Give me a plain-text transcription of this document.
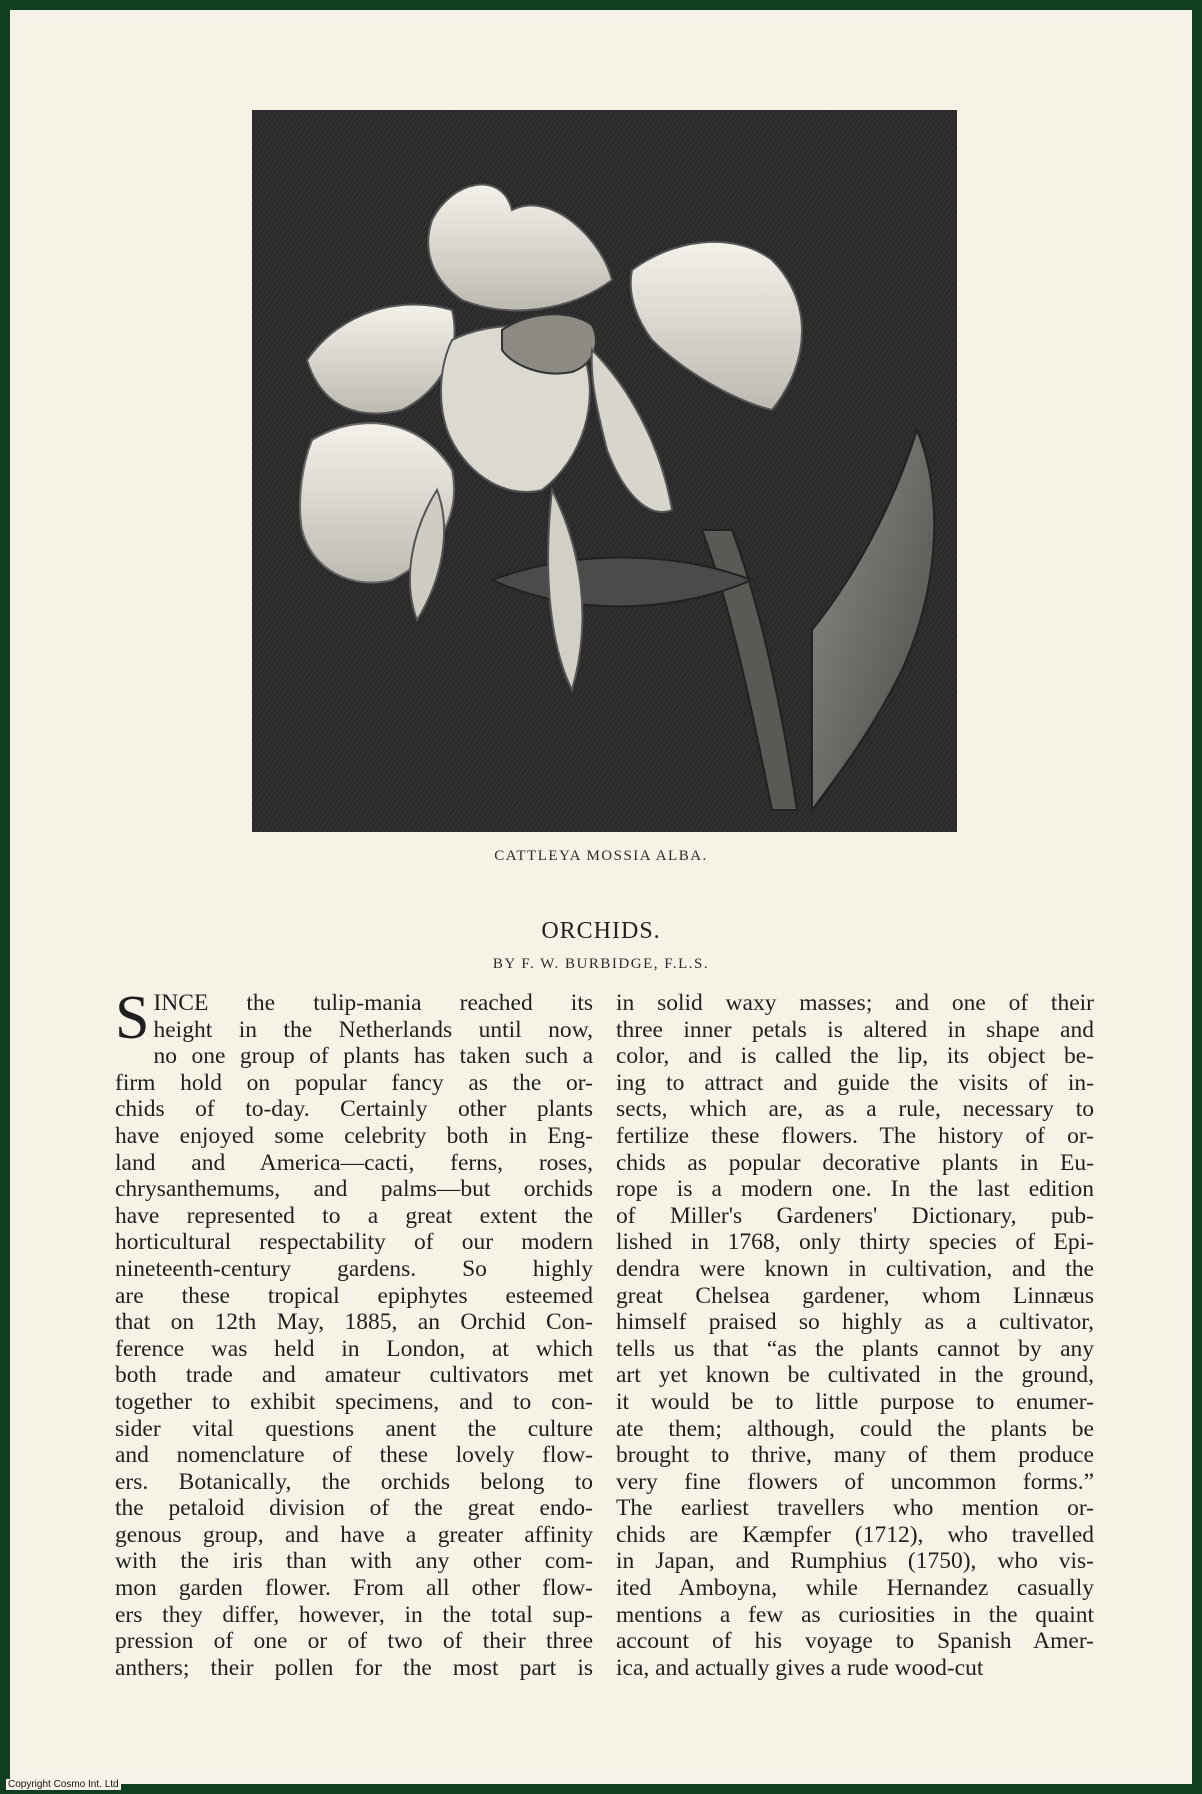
CATTLEYA MOSSIA ALBA.
ORCHIDS.
BY F. W. BURBIDGE, F.L.S.
S INCE the tulip-mania reached its
height in the Netherlands until now,
no one group of plants has taken such a
firm hold on popular fancy as the or-
chids of to-day. Certainly other plants
have enjoyed some celebrity both in Eng-
land and America—cacti, ferns, roses,
chrysanthemums, and palms—but orchids
have represented to a great extent the
horticultural respectability of our modern
nineteenth-century gardens. So highly
are these tropical epiphytes esteemed
that on 12th May, 1885, an Orchid Con-
ference was held in London, at which
both trade and amateur cultivators met
together to exhibit specimens, and to con-
sider vital questions anent the culture
and nomenclature of these lovely flow-
ers. Botanically, the orchids belong to
the petaloid division of the great endo-
genous group, and have a greater affinity
with the iris than with any other com-
mon garden flower. From all other flow-
ers they differ, however, in the total sup-
pression of one or of two of their three
anthers; their pollen for the most part is
in solid waxy masses; and one of their
three inner petals is altered in shape and
color, and is called the lip, its object be-
ing to attract and guide the visits of in-
sects, which are, as a rule, necessary to
fertilize these flowers. The history of or-
chids as popular decorative plants in Eu-
rope is a modern one. In the last edition
of Miller's Gardeners' Dictionary, pub-
lished in 1768, only thirty species of Epi-
dendra were known in cultivation, and the
great Chelsea gardener, whom Linnæus
himself praised so highly as a cultivator,
tells us that “as the plants cannot by any
art yet known be cultivated in the ground,
it would be to little purpose to enumer-
ate them; although, could the plants be
brought to thrive, many of them produce
very fine flowers of uncommon forms.”
The earliest travellers who mention or-
chids are Kæmpfer (1712), who travelled
in Japan, and Rumphius (1750), who vis-
ited Amboyna, while Hernandez casually
mentions a few as curiosities in the quaint
account of his voyage to Spanish Amer-
ica, and actually gives a rude wood-cut
Copyright Cosmo Int. Ltd
